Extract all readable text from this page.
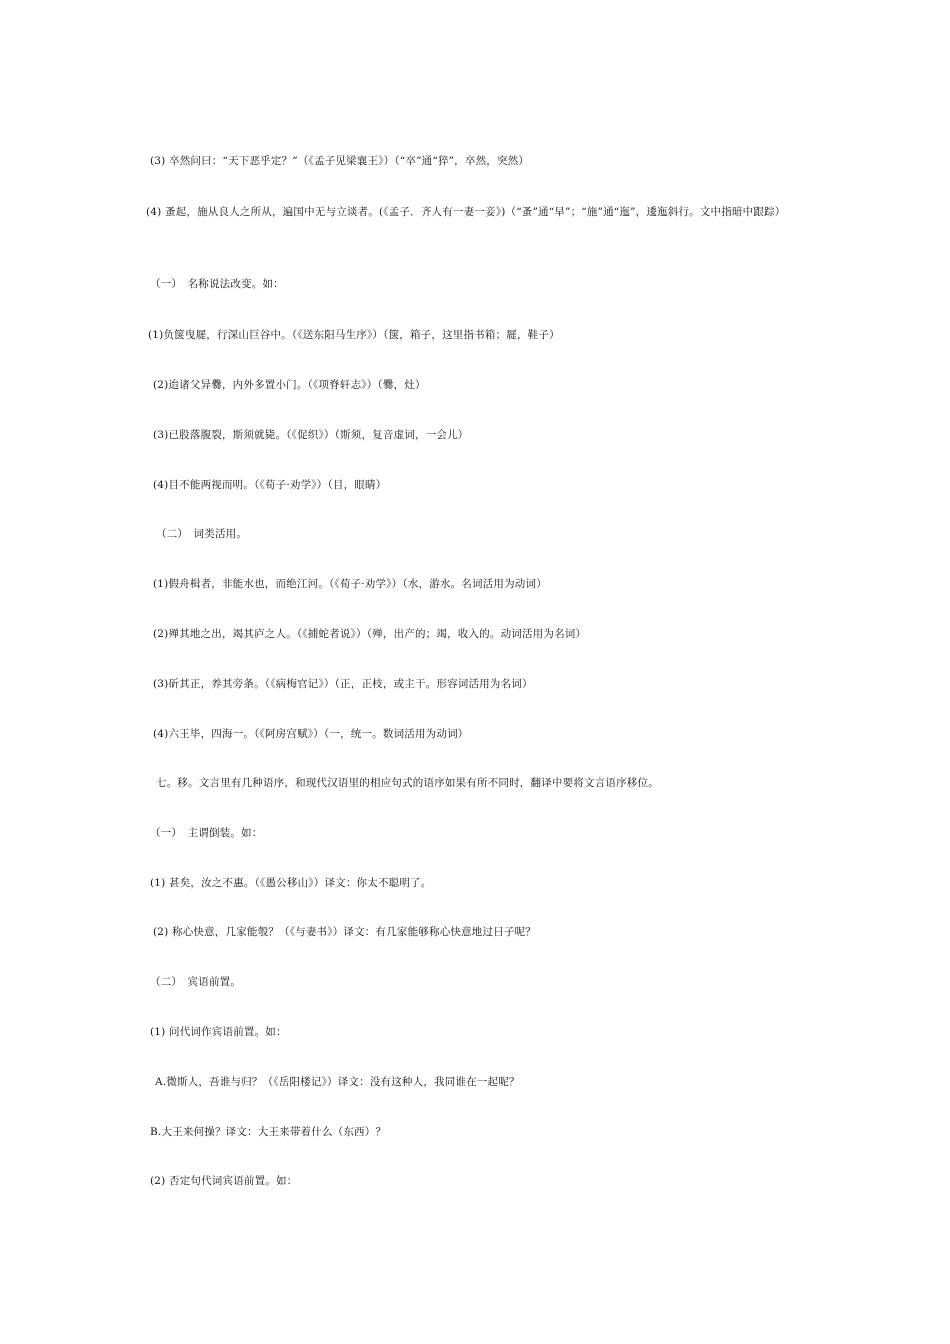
(3) 卒然问曰：“天下恶乎定？”（《孟子见梁襄王》）（“卒”通“猝”，卒然，突然）
(4) 蚤起，施从良人之所从，遍国中无与立谈者。(《孟子．齐人有一妻一妾》)（“蚤”通“早”；“施”通“迤”，逶迤斜行。文中指暗中跟踪）
（一）　名称说法改变。如：
(1)负箧曳屣，行深山巨谷中。（《送东阳马生序》）（箧，箱子，这里指书箱；屣，鞋子）
(2)迨诸父异爨，内外多置小门。（《项脊轩志》）（爨，灶）
(3)已股落腹裂，斯须就毙。（《促织》）（斯须，复音虚词，一会儿）
(4)目不能两视而明。（《荀子·劝学》）（目，眼睛）
（二）　词类活用。
(1)假舟楫者，非能水也，而绝江河。（《荀子·劝学》）（水，游水。名词活用为动词）
(2)殚其地之出，竭其庐之人。（《捕蛇者说》）（殚，出产的；竭，收入的。动词活用为名词）
(3)斫其正，养其旁条。（《病梅官记》）（正，正枝，或主干。形容词活用为名词）
(4)六王毕，四海一。（《阿房宫赋》）（一，统一。数词活用为动词）
七。移。文言里有几种语序，和现代汉语里的相应句式的语序如果有所不同时，翻译中要将文言语序移位。
（一）　主谓倒装。如：
(1) 甚矣，汝之不惠。（《愚公移山》）译文：你太不聪明了。
(2) 称心快意，几家能彀？（《与妻书》）译文：有几家能够称心快意地过日子呢？
（二）　宾语前置。
(1) 问代词作宾语前置。如：
A.微斯人，吾谁与归？（《岳阳楼记》）译文：没有这种人，我同谁在一起呢？
B.大王来何操？译文：大王来带着什么（东西）？
(2) 否定句代词宾语前置。如：
